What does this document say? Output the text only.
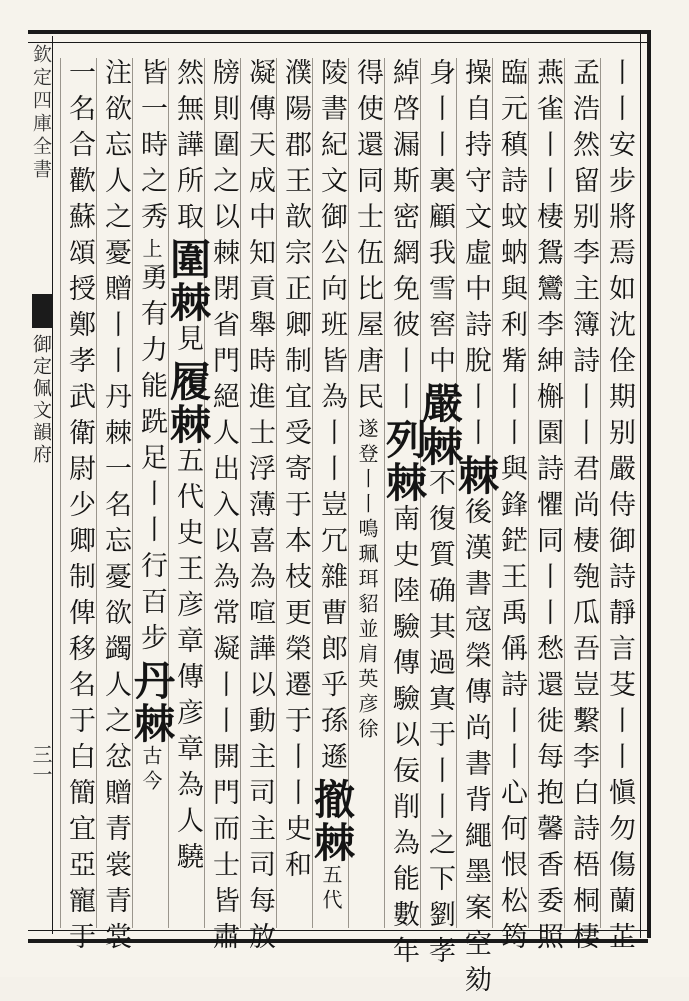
欽定四庫全書
御定佩文韻府
三一	丨丨安步將焉如沈佺期别嚴侍御詩靜言芟丨丨愼勿傷蘭芷
孟浩然留别李主簿詩丨丨君尚棲匏瓜吾豈繫李白詩梧桐棲
燕雀丨丨棲鴛鸞李紳槲園詩懼同丨丨愁還徙每抱馨香委照
臨元稹詩蚊蚋與利觜丨丨與鋒鋩王禹偁詩丨丨心何恨松筠
操自持守文虛中詩脫丨丨棘後漢書寇榮傳尚書背繩墨案空劾
身丨丨裏顧我雪窖中嚴棘不復質确其過寘于丨丨之下劉孝
綽啓漏斯密網免彼丨丨列棘南史陸驗傳驗以佞削為能數年
得使還同士伍比屋唐民遂登丨丨鳴珮珥貂並肩英彦徐
陵書紀文御公向班皆為丨丨豈冗雜曹郎乎孫遜撤棘五代
濮陽郡王歆宗正卿制宜受寄于本枝更榮遷于丨丨史和
凝傳天成中知貢舉時進士浮薄喜為喧譁以動主司主司每放
牓則圍之以棘閉省門絕人出入以為常凝丨丨開門而士皆肅
然無譁所取圍棘見履棘五代史王彦章傳彦章為人驍
皆一時之秀上勇有力能跣足丨丨行百步丹棘古今
注欲忘人之憂贈丨丨丹棘一名忘憂欲蠲人之忿贈青裳青裳
一名合歡蘇頌授鄭孝武衛尉少卿制俾移名于白簡宜亞寵于
